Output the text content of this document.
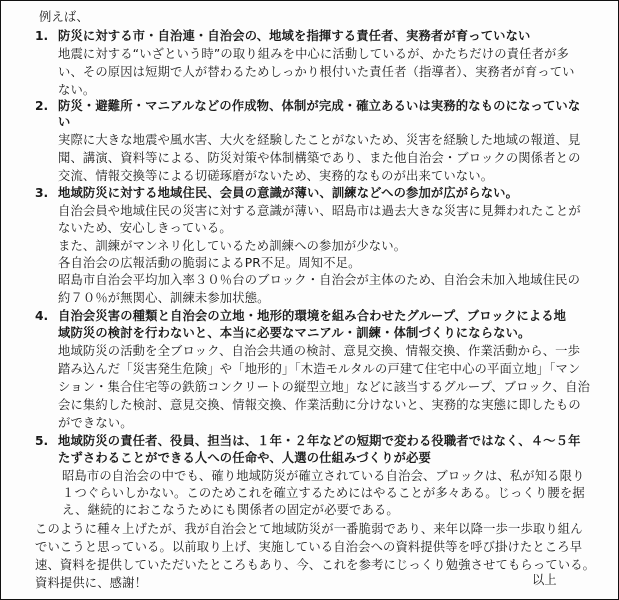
例えば、
1. 防災に対する市・自治連・自治会の、地域を指揮する責任者、実務者が育っていない
地震に対する“いざという時”の取り組みを中心に活動しているが、かたちだけの責任者が多
い、その原因は短期で人が替わるためしっかり根付いた責任者（指導者）、実務者が育ってい
ない。
2. 防災・避難所・マニアルなどの作成物、体制が完成・確立あるいは実務的なものになっていな
い
実際に大きな地震や風水害、大火を経験したことがないため、災害を経験した地域の報道、見
聞、講演、資料等による、防災対策や体制構築であり、また他自治会・ブロックの関係者との
交流、情報交換等による切磋琢磨がないため、実務的なものが出来ていない。
3. 地域防災に対する地域住民、会員の意識が薄い、訓練などへの参加が広がらない。
自治会員や地域住民の災害に対する意識が薄い、昭島市は過去大きな災害に見舞われたことが
ないため、安心しきっている。
また、訓練がマンネリ化しているため訓練への参加が少ない。
各自治会の広報活動の脆弱によるPR不足。周知不足。
昭島市自治会平均加入率３０％台のブロック・自治会が主体のため、自治会未加入地域住民の
約７０％が無関心、訓練未参加状態。
4. 自治会災害の種類と自治会の立地・地形的環境を組み合わせたグループ、ブロックによる地
域防災の検討を行わないと、本当に必要なマニアル・訓練・体制づくりにならない。
地域防災の活動を全ブロック、自治会共通の検討、意見交換、情報交換、作業活動から、一歩
踏み込んだ「災害発生危険」や「地形的」「木造モルタルの戸建て住宅中心の平面立地」「マン
ション・集合住宅等の鉄筋コンクリートの縦型立地」などに該当するグループ、ブロック、自治
会に集約した検討、意見交換、情報交換、作業活動に分けないと、実務的な実態に即したもの
ができない。
5. 地域防災の責任者、役員、担当は、１年・２年などの短期で変わる役職者ではなく、４〜５年
たずさわることができる人への任命や、人選の仕組みづくりが必要
昭島市の自治会の中でも、確り地域防災が確立されている自治会、ブロックは、私が知る限り
１つぐらいしかない。このためこれを確立するためにはやることが多々ある。じっくり腰を据
え、継続的におこなうためにも関係者の固定が必要である。
このように種々上げたが、我が自治会とて地域防災が一番脆弱であり、来年以降一歩一歩取り組ん
でいこうと思っている。以前取り上げ、実施している自治会への資料提供等を呼び掛けたところ早
速、資料を提供していただいたところもあり、今、これを参考にじっくり勉強させてもらっている。
資料提供に、感謝！	以上
